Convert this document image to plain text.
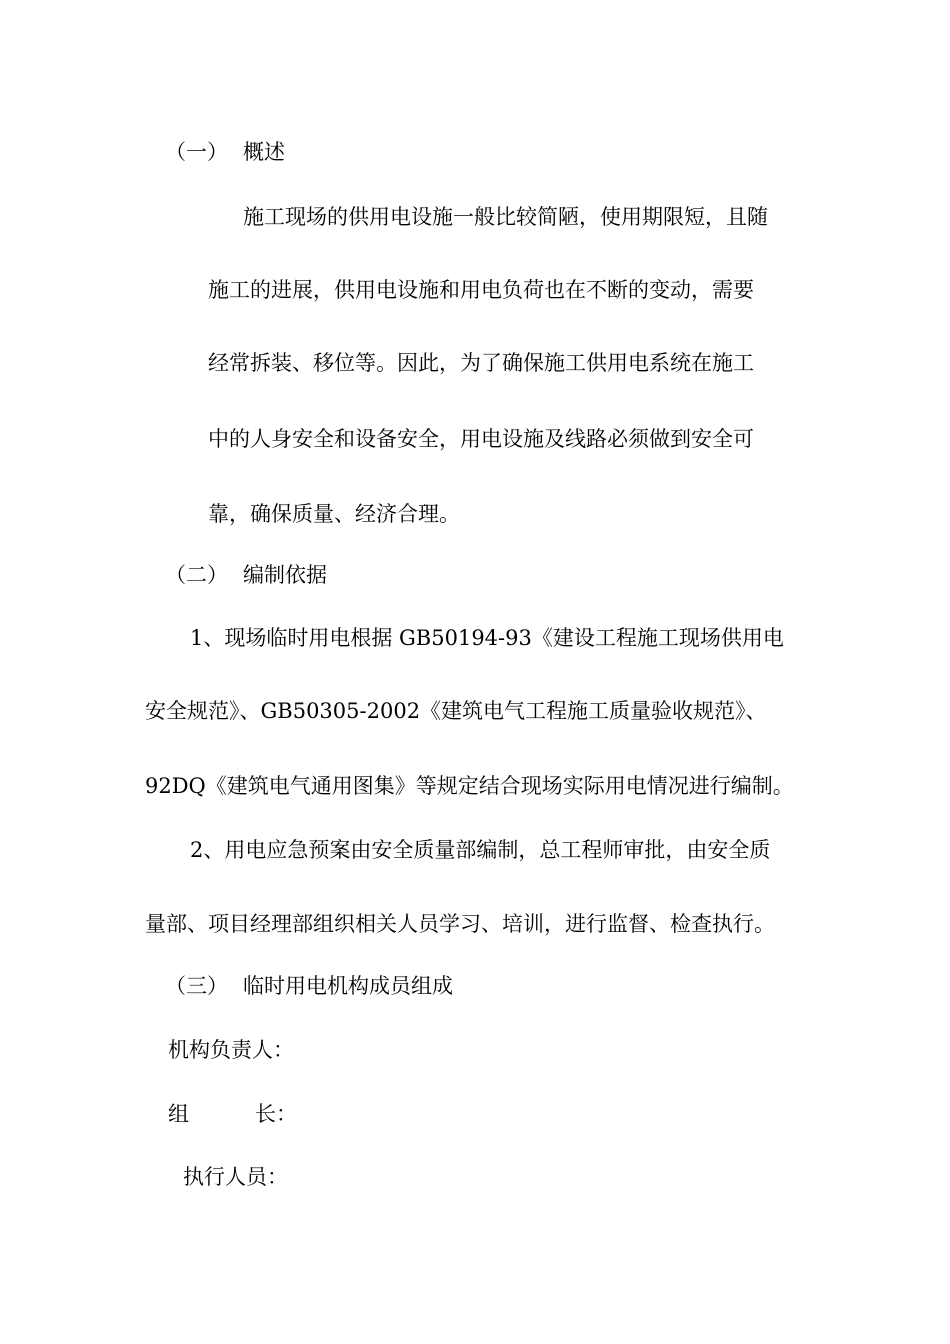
（一） 概述
施工现场的供用电设施一般比较简陋，使用期限短，且随
施工的进展，供用电设施和用电负荷也在不断的变动，需要
经常拆装、移位等。因此，为了确保施工供用电系统在施工
中的人身安全和设备安全，用电设施及线路必须做到安全可
靠，确保质量、经济合理。
（二） 编制依据
1、现场临时用电根据 GB50194-93《建设工程施工现场供用电
安全规范》、GB50305-2002《建筑电气工程施工质量验收规范》、
92DQ《建筑电气通用图集》等规定结合现场实际用电情况进行编制。
2、用电应急预案由安全质量部编制，总工程师审批，由安全质
量部、项目经理部组织相关人员学习、培训，进行监督、检查执行。
（三） 临时用电机构成员组成
机构负责人：
组	长：
执行人员：
